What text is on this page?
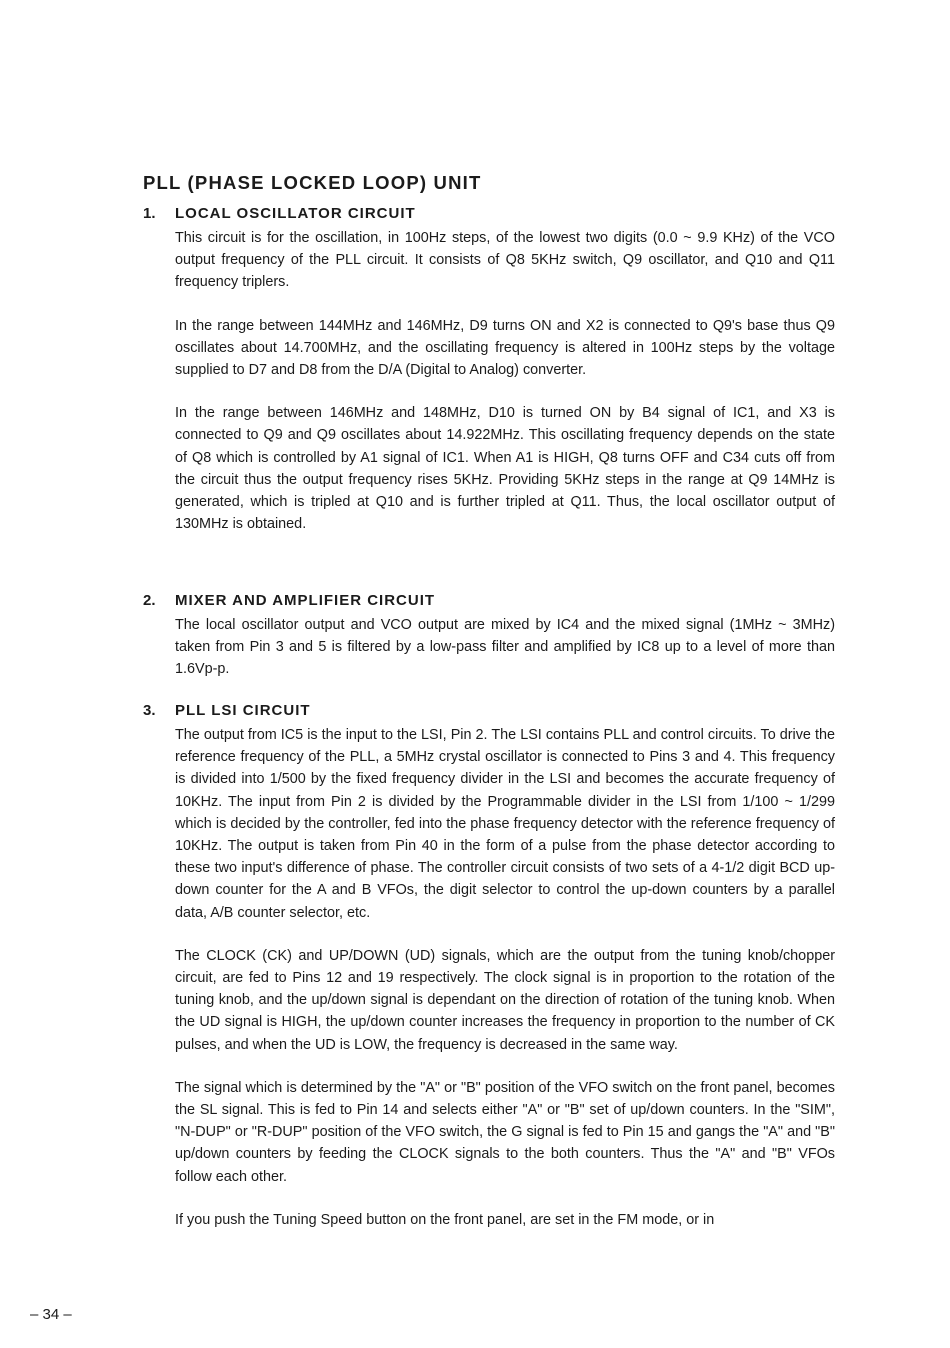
PLL (PHASE LOCKED LOOP) UNIT
1. LOCAL OSCILLATOR CIRCUIT

This circuit is for the oscillation, in 100Hz steps, of the lowest two digits (0.0 ~ 9.9 KHz) of the VCO output frequency of the PLL circuit. It consists of Q8 5KHz switch, Q9 oscillator, and Q10 and Q11 frequency triplers.

In the range between 144MHz and 146MHz, D9 turns ON and X2 is connected to Q9's base thus Q9 oscillates about 14.700MHz, and the oscillating frequency is altered in 100Hz steps by the voltage supplied to D7 and D8 from the D/A (Digital to Analog) converter.

In the range between 146MHz and 148MHz, D10 is turned ON by B4 signal of IC1, and X3 is connected to Q9 and Q9 oscillates about 14.922MHz. This oscillating frequency depends on the state of Q8 which is controlled by A1 signal of IC1. When A1 is HIGH, Q8 turns OFF and C34 cuts off from the circuit thus the output frequency rises 5KHz. Providing 5KHz steps in the range at Q9 14MHz is generated, which is tripled at Q10 and is further tripled at Q11. Thus, the local oscillator output of 130MHz is obtained.

2. MIXER AND AMPLIFIER CIRCUIT

The local oscillator output and VCO output are mixed by IC4 and the mixed signal (1MHz ~ 3MHz) taken from Pin 3 and 5 is filtered by a low-pass filter and amplified by IC8 up to a level of more than 1.6Vp-p.

3. PLL LSI CIRCUIT

The output from IC5 is the input to the LSI, Pin 2. The LSI contains PLL and control circuits. To drive the reference frequency of the PLL, a 5MHz crystal oscillator is connected to Pins 3 and 4. This frequency is divided into 1/500 by the fixed frequency divider in the LSI and becomes the accurate frequency of 10KHz. The input from Pin 2 is divided by the Programmable divider in the LSI from 1/100 ~ 1/299 which is decided by the controller, fed into the phase frequency detector with the reference frequency of 10KHz. The output is taken from Pin 40 in the form of a pulse from the phase detector according to these two input's difference of phase. The controller circuit consists of two sets of a 4-1/2 digit BCD up-down counter for the A and B VFOs, the digit selector to control the up-down counters by a parallel data, A/B counter selector, etc.

The CLOCK (CK) and UP/DOWN (UD) signals, which are the output from the tuning knob/chopper circuit, are fed to Pins 12 and 19 respectively. The clock signal is in proportion to the rotation of the tuning knob, and the up/down signal is dependant on the direction of rotation of the tuning knob. When the UD signal is HIGH, the up/down counter increases the frequency in proportion to the number of CK pulses, and when the UD is LOW, the frequency is decreased in the same way.

The signal which is determined by the "A" or "B" position of the VFO switch on the front panel, becomes the SL signal. This is fed to Pin 14 and selects either "A" or "B" set of up/down counters. In the "SIM", "N-DUP" or "R-DUP" position of the VFO switch, the G signal is fed to Pin 15 and gangs the "A" and "B" up/down counters by feeding the CLOCK signals to the both counters. Thus the "A" and "B" VFOs follow each other.

If you push the Tuning Speed button on the front panel, are set in the FM mode, or in

– 34 –
